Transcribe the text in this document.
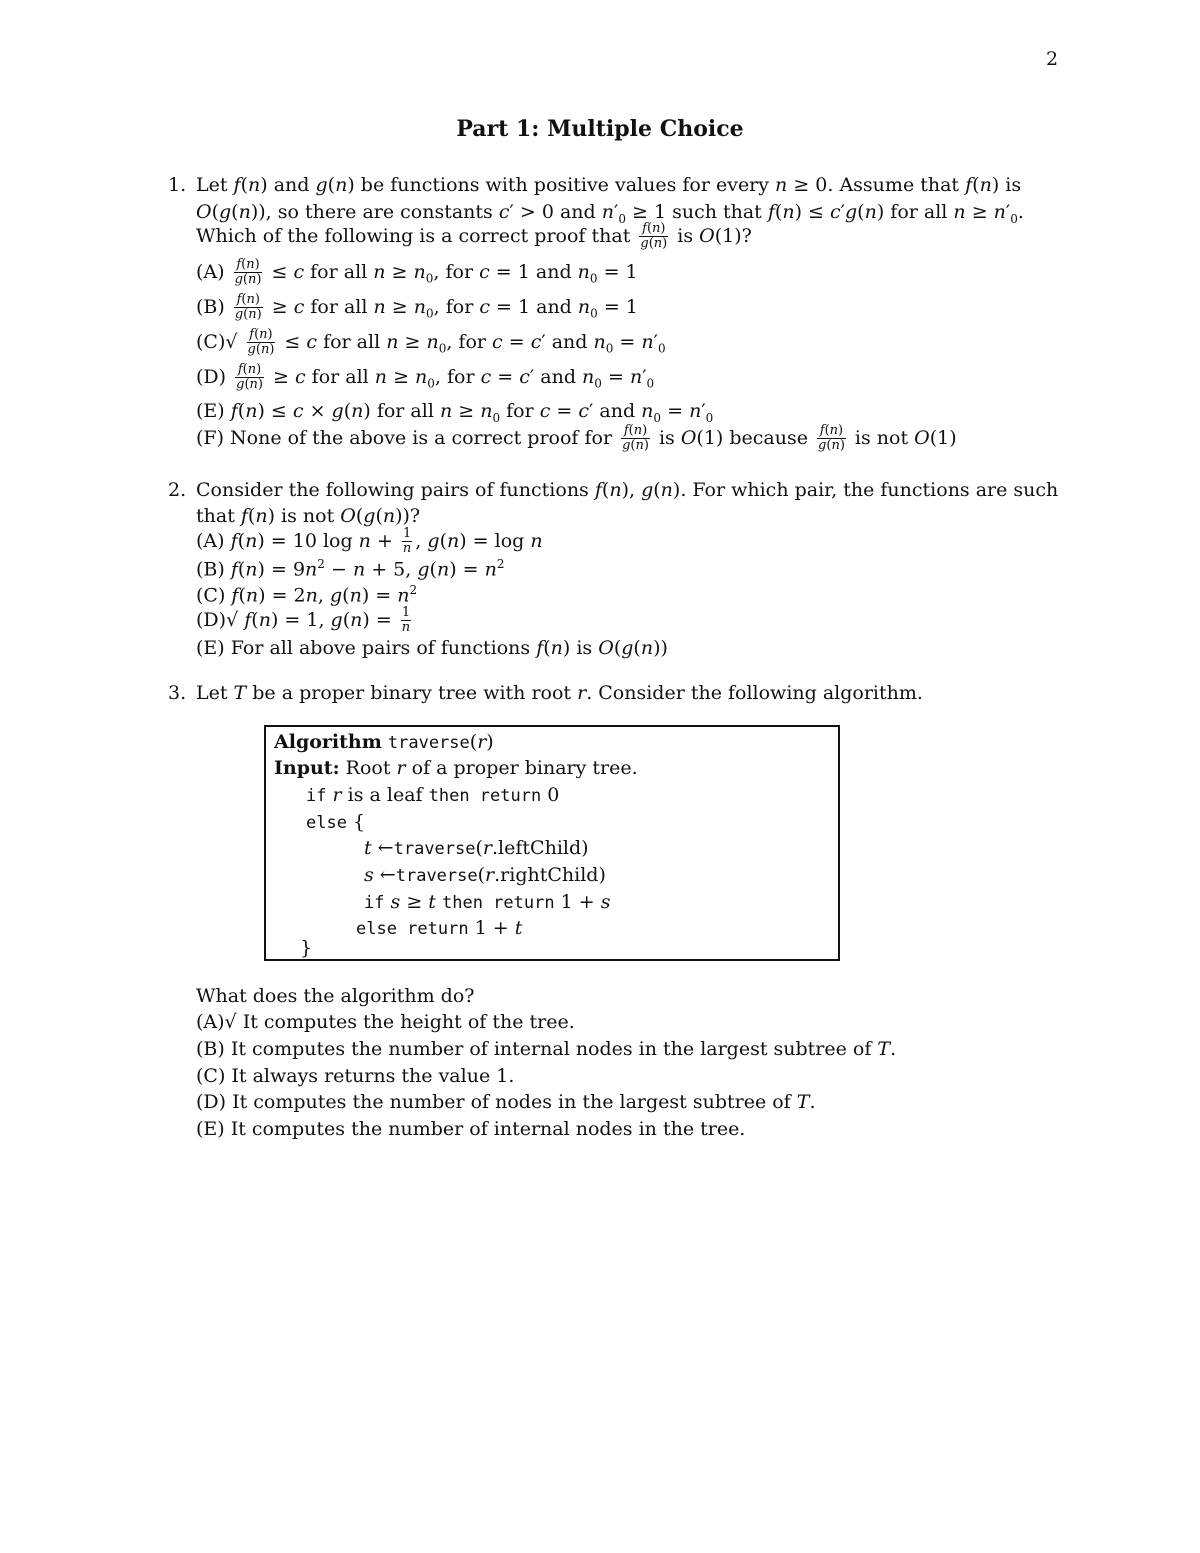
2
Part 1: Multiple Choice
1. Let f(n) and g(n) be functions with positive values for every n ≥ 0. Assume that f(n) is
O(g(n)), so there are constants c′ > 0 and $n'_0 \ge 1$ such that f(n) ≤ c′g(n) for all $n \ge n'_0$.
Which of the following is a correct proof that $\frac{f(n)}{g(n)}$ is O(1)?
$(A) \frac{f(n)}{g(n)} \le c$ for all $n \ge n_0$, for c = 1 and $n_0 = 1$
$(B) \frac{f(n)}{g(n)} \ge c$ for all $n \ge n_0$, for c = 1 and $n_0 = 1$
$(C)√ \frac{f(n)}{g(n)} \le c$ for all $n \ge n_0$, for c = c′ and $n_0 = n'_0$
$(D) \frac{f(n)}{g(n)} \ge c$ for all $n \ge n_0$, for c = c′ and $n_0 = n'_0$
(E) f(n) ≤ c × g(n) for all $n \ge n_0$ for c = c′ and $n_0 = n'_0$
(F) None of the above is a correct proof for $\frac{f(n)}{g(n)}$ is O(1) because $\frac{f(n)}{g(n)}$ is not O(1)
2. Consider the following pairs of functions f(n), g(n). For which pair, the functions are such
that f(n) is not O(g(n))?
(A) f(n) = 10 $\log n + \frac{1}{n}$ , g(n) = log n
(B) $f(n) = 9n^2 - n + 5$, $g(n) = n^2$
(C) f(n) = 2n, $g(n) = n^2$
(D)√ f(n) = 1, $g(n) = \frac{1}{n}$
(E) For all above pairs of functions f(n) is O(g(n))
3. Let T be a proper binary tree with root r. Consider the following algorithm.
Algorithm traverse(r)
Input: Root r of a proper binary tree.
if r is a leaf then return 0
else {
t ←traverse(r.leftChild)
s ←traverse(r.rightChild)
if s ≥ t then return 1 + s
else return 1 + t
}
What does the algorithm do?
(A)√ It computes the height of the tree.
(B) It computes the number of internal nodes in the largest subtree of T.
(C) It always returns the value 1.
(D) It computes the number of nodes in the largest subtree of T.
(E) It computes the number of internal nodes in the tree.
